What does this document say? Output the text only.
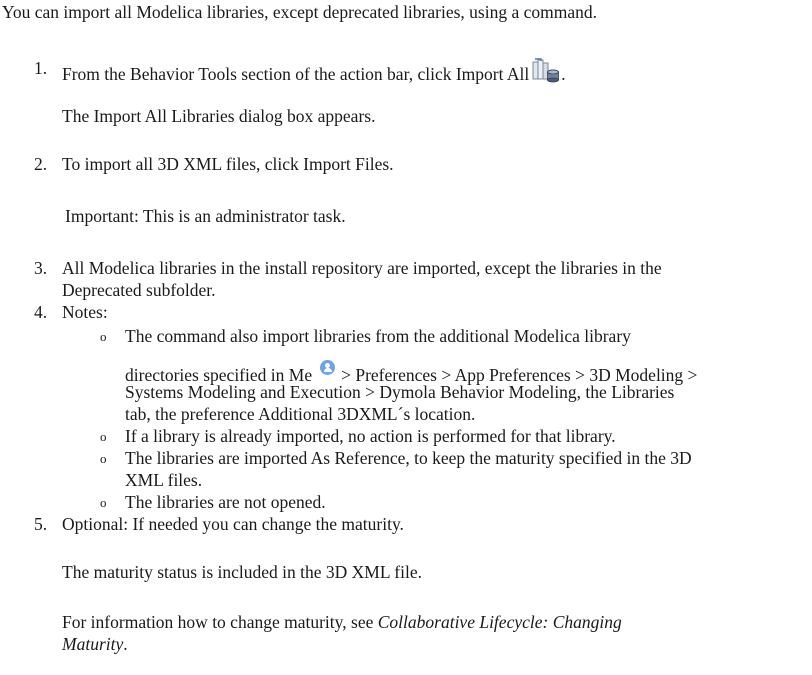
You can import all Modelica libraries, except deprecated libraries, using a command.
1. From the Behavior Tools section of the action bar, click Import All .
The Import All Libraries dialog box appears.
2. To import all 3D XML files, click Import Files.
Important: This is an administrator task.
3. All Modelica libraries in the install repository are imported, except the libraries in the
Deprecated subfolder.
4. Notes:
o The command also import libraries from the additional Modelica library
directories specified in Me > Preferences > App Preferences > 3D Modeling >
Systems Modeling and Execution > Dymola Behavior Modeling, the Libraries
tab, the preference Additional 3DXML´s location.
o If a library is already imported, no action is performed for that library.
o The libraries are imported As Reference, to keep the maturity specified in the 3D
XML files.
o The libraries are not opened.
5. Optional: If needed you can change the maturity.
The maturity status is included in the 3D XML file.
For information how to change maturity, see Collaborative Lifecycle: Changing
Maturity.
